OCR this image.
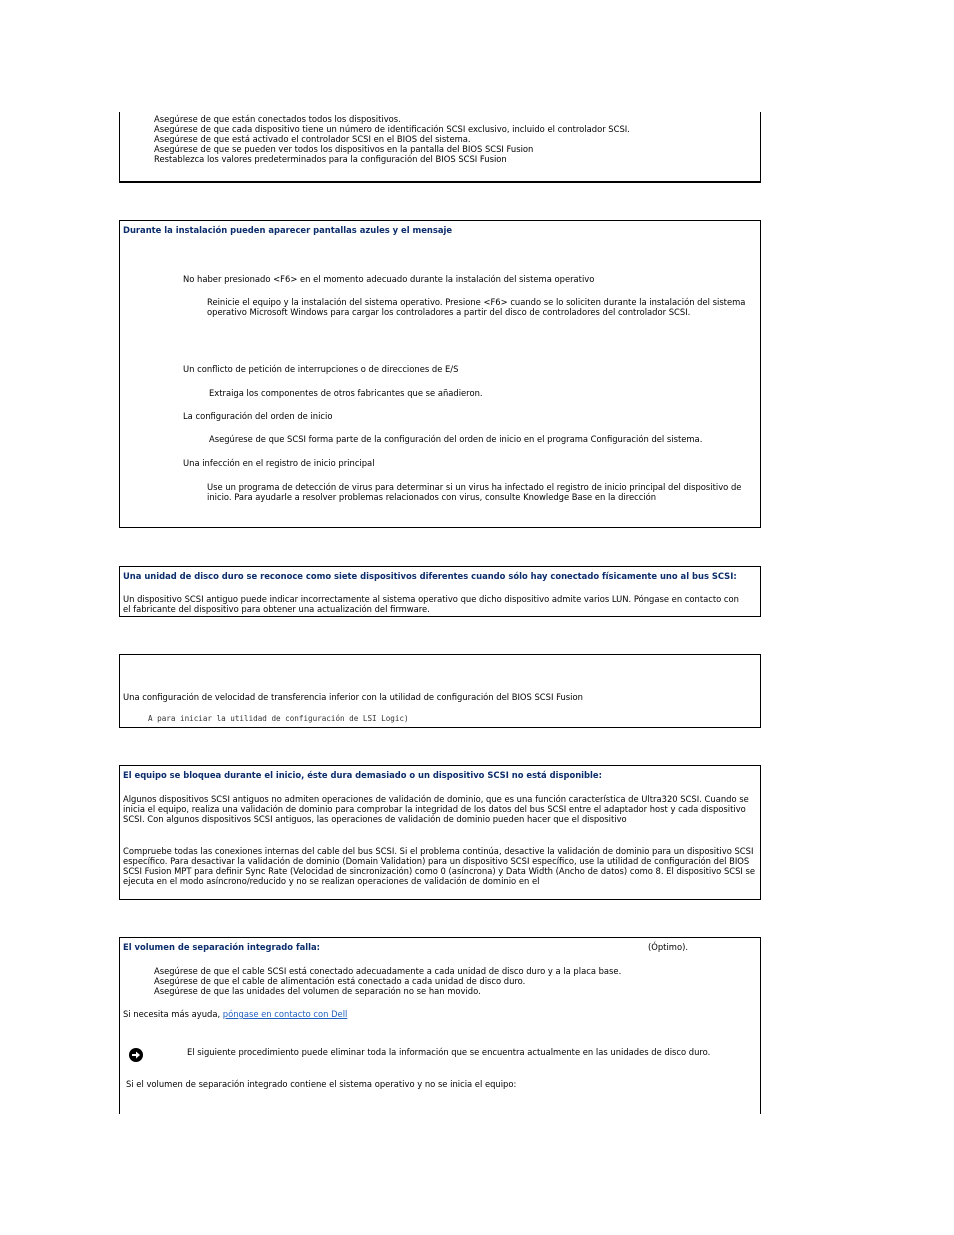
Asegúrese de que están conectados todos los dispositivos.
Asegúrese de que cada dispositivo tiene un número de identificación SCSI exclusivo, incluido el controlador SCSI.
Asegúrese de que está activado el controlador SCSI en el BIOS del sistema.
Asegúrese de que se pueden ver todos los dispositivos en la pantalla del BIOS SCSI Fusion
Restablezca los valores predeterminados para la configuración del BIOS SCSI Fusion
Durante la instalación pueden aparecer pantallas azules y el mensaje
No haber presionado <F6> en el momento adecuado durante la instalación del sistema operativo
Reinicie el equipo y la instalación del sistema operativo. Presione <F6> cuando se lo soliciten durante la instalación del sistema operativo Microsoft Windows para cargar los controladores a partir del disco de controladores del controlador SCSI.
Un conflicto de petición de interrupciones o de direcciones de E/S
Extraiga los componentes de otros fabricantes que se añadieron.
La configuración del orden de inicio
Asegúrese de que SCSI forma parte de la configuración del orden de inicio en el programa Configuración del sistema.
Una infección en el registro de inicio principal
Use un programa de detección de virus para determinar si un virus ha infectado el registro de inicio principal del dispositivo de inicio. Para ayudarle a resolver problemas relacionados con virus, consulte Knowledge Base en la dirección
Una unidad de disco duro se reconoce como siete dispositivos diferentes cuando sólo hay conectado físicamente uno al bus SCSI:
Un dispositivo SCSI antiguo puede indicar incorrectamente al sistema operativo que dicho dispositivo admite varios LUN. Póngase en contacto con el fabricante del dispositivo para obtener una actualización del firmware.
Una configuración de velocidad de transferencia inferior con la utilidad de configuración del BIOS SCSI Fusion
A para iniciar la utilidad de configuración de LSI Logic)
El equipo se bloquea durante el inicio, éste dura demasiado o un dispositivo SCSI no está disponible:
Algunos dispositivos SCSI antiguos no admiten operaciones de validación de dominio, que es una función característica de Ultra320 SCSI. Cuando se inicia el equipo, realiza una validación de dominio para comprobar la integridad de los datos del bus SCSI entre el adaptador host y cada dispositivo SCSI. Con algunos dispositivos SCSI antiguos, las operaciones de validación de dominio pueden hacer que el dispositivo
Compruebe todas las conexiones internas del cable del bus SCSI. Si el problema continúa, desactive la validación de dominio para un dispositivo SCSI específico. Para desactivar la validación de dominio (Domain Validation) para un dispositivo SCSI específico, use la utilidad de configuración del BIOS SCSI Fusion MPT para definir Sync Rate (Velocidad de sincronización) como 0 (asíncrona) y Data Width (Ancho de datos) como 8. El dispositivo SCSI se ejecuta en el modo asíncrono/reducido y no se realizan operaciones de validación de dominio en el
El volumen de separación integrado falla:	(Óptimo).
Asegúrese de que el cable SCSI está conectado adecuadamente a cada unidad de disco duro y a la placa base.
Asegúrese de que el cable de alimentación está conectado a cada unidad de disco duro.
Asegúrese de que las unidades del volumen de separación no se han movido.
Si necesita más ayuda, póngase en contacto con Dell
El siguiente procedimiento puede eliminar toda la información que se encuentra actualmente en las unidades de disco duro.
Si el volumen de separación integrado contiene el sistema operativo y no se inicia el equipo:
